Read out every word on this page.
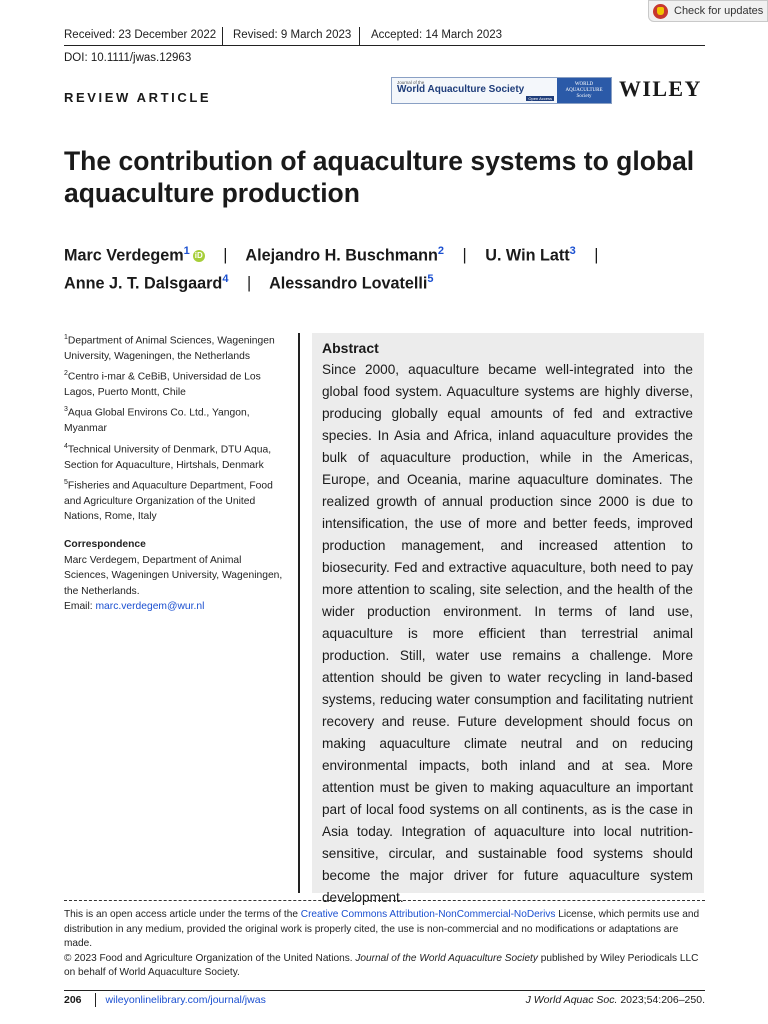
Check for updates
Received: 23 December 2022 Revised: 9 March 2023 Accepted: 14 March 2023
DOI: 10.1111/jwas.12963
REVIEW ARTICLE
Journal of the
World Aquaculture Society
Open Access
WORLD
AQUACULTURE
Society	WILEY
The contribution of aquaculture systems to global aquaculture production
Marc Verdegem$^1$ iD | Alejandro H. Buschmann$^2$ | U. Win Latt$^3$ |
Anne J. T. Dalsgaard$^4$ | Alessandro Lovatelli$^5$
$^1$Department of Animal Sciences, Wageningen University, Wageningen, the Netherlands
$^2$Centro i-mar & CeBiB, Universidad de Los Lagos, Puerto Montt, Chile
$^3$Aqua Global Environs Co. Ltd., Yangon, Myanmar
$^4$Technical University of Denmark, DTU Aqua, Section for Aquaculture, Hirtshals, Denmark
$^5$Fisheries and Aquaculture Department, Food and Agriculture Organization of the United Nations, Rome, Italy
Correspondence
Marc Verdegem, Department of Animal Sciences, Wageningen University, Wageningen, the Netherlands.
Email: marc.verdegem@wur.nl
Abstract
Since 2000, aquaculture became well-integrated into the global food system. Aquaculture systems are highly diverse, producing globally equal amounts of fed and extractive species. In Asia and Africa, inland aquaculture provides the bulk of aquaculture production, while in the Americas, Europe, and Oceania, marine aquaculture dominates. The realized growth of annual production since 2000 is due to intensification, the use of more and better feeds, improved production management, and increased attention to biosecurity. Fed and extractive aquaculture, both need to pay more attention to scaling, site selection, and the health of the wider production environment. In terms of land use, aquaculture is more efficient than terrestrial animal production. Still, water use remains a challenge. More attention should be given to water recycling in land-based systems, reducing water consumption and facilitating nutrient recovery and reuse. Future development should focus on making aquaculture climate neutral and on reducing environmental impacts, both inland and at sea. More attention must be given to making aquaculture an important part of local food systems on all continents, as is the case in Asia today. Integration of aquaculture into local nutrition-sensitive, circular, and sustainable food systems should become the major driver for future aquaculture system development.
This is an open access article under the terms of the Creative Commons Attribution-NonCommercial-NoDerivs License, which permits use and distribution in any medium, provided the original work is properly cited, the use is non-commercial and no modifications or adaptations are made.
© 2023 Food and Agriculture Organization of the United Nations. Journal of the World Aquaculture Society published by Wiley Periodicals LLC on behalf of World Aquaculture Society.
206 wileyonlinelibrary.com/journal/jwas	J World Aquac Soc. 2023;54:206–250.
